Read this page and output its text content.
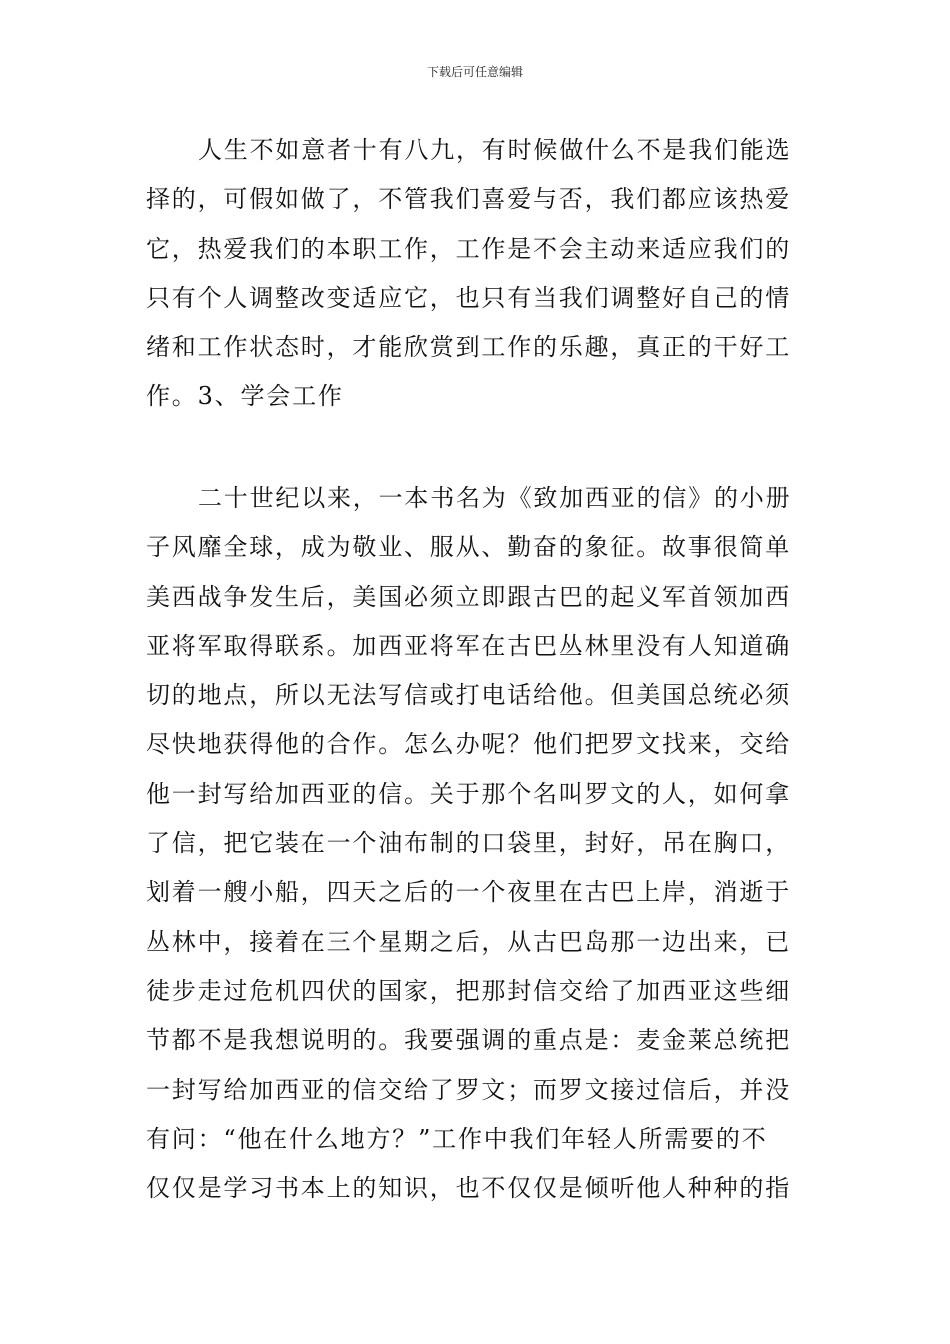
下载后可任意编辑
人生不如意者十有八九，有时候做什么不是我们能选
择的，可假如做了，不管我们喜爱与否，我们都应该热爱
它，热爱我们的本职工作，工作是不会主动来适应我们的
只有个人调整改变适应它，也只有当我们调整好自己的情
绪和工作状态时，才能欣赏到工作的乐趣，真正的干好工
作。3、学会工作
二十世纪以来，一本书名为《致加西亚的信》的小册
子风靡全球，成为敬业、服从、勤奋的象征。故事很简单
美西战争发生后，美国必须立即跟古巴的起义军首领加西
亚将军取得联系。加西亚将军在古巴丛林里没有人知道确
切的地点，所以无法写信或打电话给他。但美国总统必须
尽快地获得他的合作。怎么办呢？他们把罗文找来，交给
他一封写给加西亚的信。关于那个名叫罗文的人，如何拿
了信，把它装在一个油布制的口袋里，封好，吊在胸口，
划着一艘小船，四天之后的一个夜里在古巴上岸，消逝于
丛林中，接着在三个星期之后，从古巴岛那一边出来，已
徒步走过危机四伏的国家，把那封信交给了加西亚这些细
节都不是我想说明的。我要强调的重点是：麦金莱总统把
一封写给加西亚的信交给了罗文；而罗文接过信后，并没
有问：“他在什么地方？”工作中我们年轻人所需要的不
仅仅是学习书本上的知识，也不仅仅是倾听他人种种的指
